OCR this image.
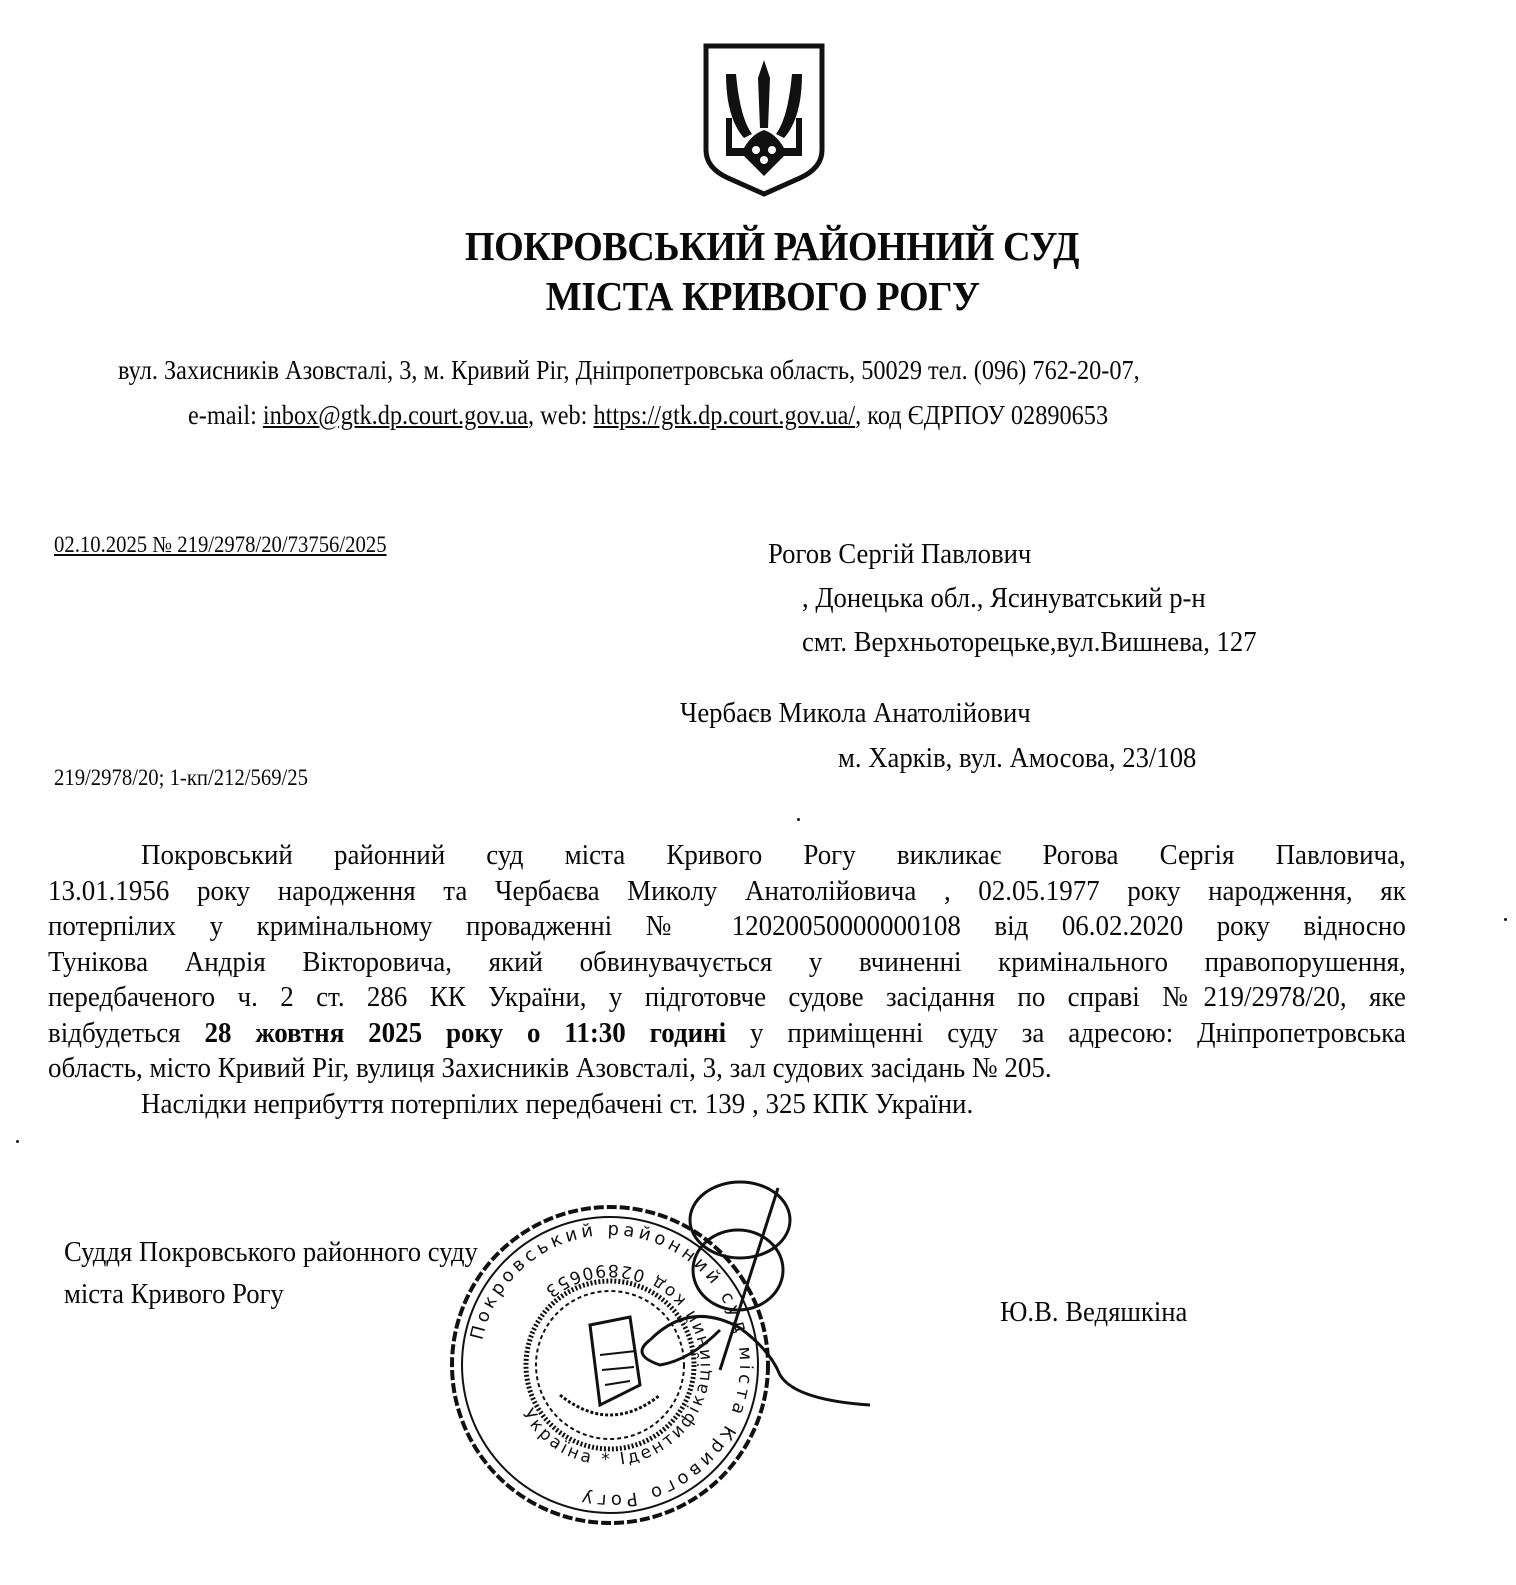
ПОКРОВСЬКИЙ РАЙОННИЙ СУД
МІСТА КРИВОГО РОГУ
вул. Захисників Азовсталі, 3, м. Кривий Ріг, Дніпропетровська область, 50029 тел. (096) 762-20-07,
e-mail: inbox@gtk.dp.court.gov.ua, web: https://gtk.dp.court.gov.ua/, код ЄДРПОУ 02890653
02.10.2025 № 219/2978/20/73756/2025
219/2978/20; 1-кп/212/569/25
Рогов Сергій Павлович
, Донецька обл., Ясинуватський р-н
смт. Верхньоторецьке,вул.Вишнева, 127
Чербаєв Микола Анатолійович
м. Харків, вул. Амосова, 23/108
Покровський районний суд міста Кривого Рогу викликає Рогова Сергія Павловича,
13.01.1956 року народження та Чербаєва Миколу Анатолійовича , 02.05.1977 року народження, як
потерпілих у кримінальному провадженні № 12020050000000108 від 06.02.2020 року відносно
Тунікова Андрія Вікторовича, який обвинувачується у вчиненні кримінального правопорушення,
передбаченого ч. 2 ст. 286 КК України, у підготовче судове засідання по справі №219/2978/20, яке
відбудеться 28 жовтня 2025 року о 11:30 годині у приміщенні суду за адресою: Дніпропетровська
область, місто Кривий Ріг, вулиця Захисників Азовсталі, 3, зал судових засідань № 205.
Наслідки неприбуття потерпілих передбачені ст. 139 , 325 КПК України.
Суддя Покровського районного суду
міста Кривого Рогу
Ю.В. Ведяшкіна
Покровський районний суд міста Кривого Рогу
Україна * Ідентифікаційний код 02890653
